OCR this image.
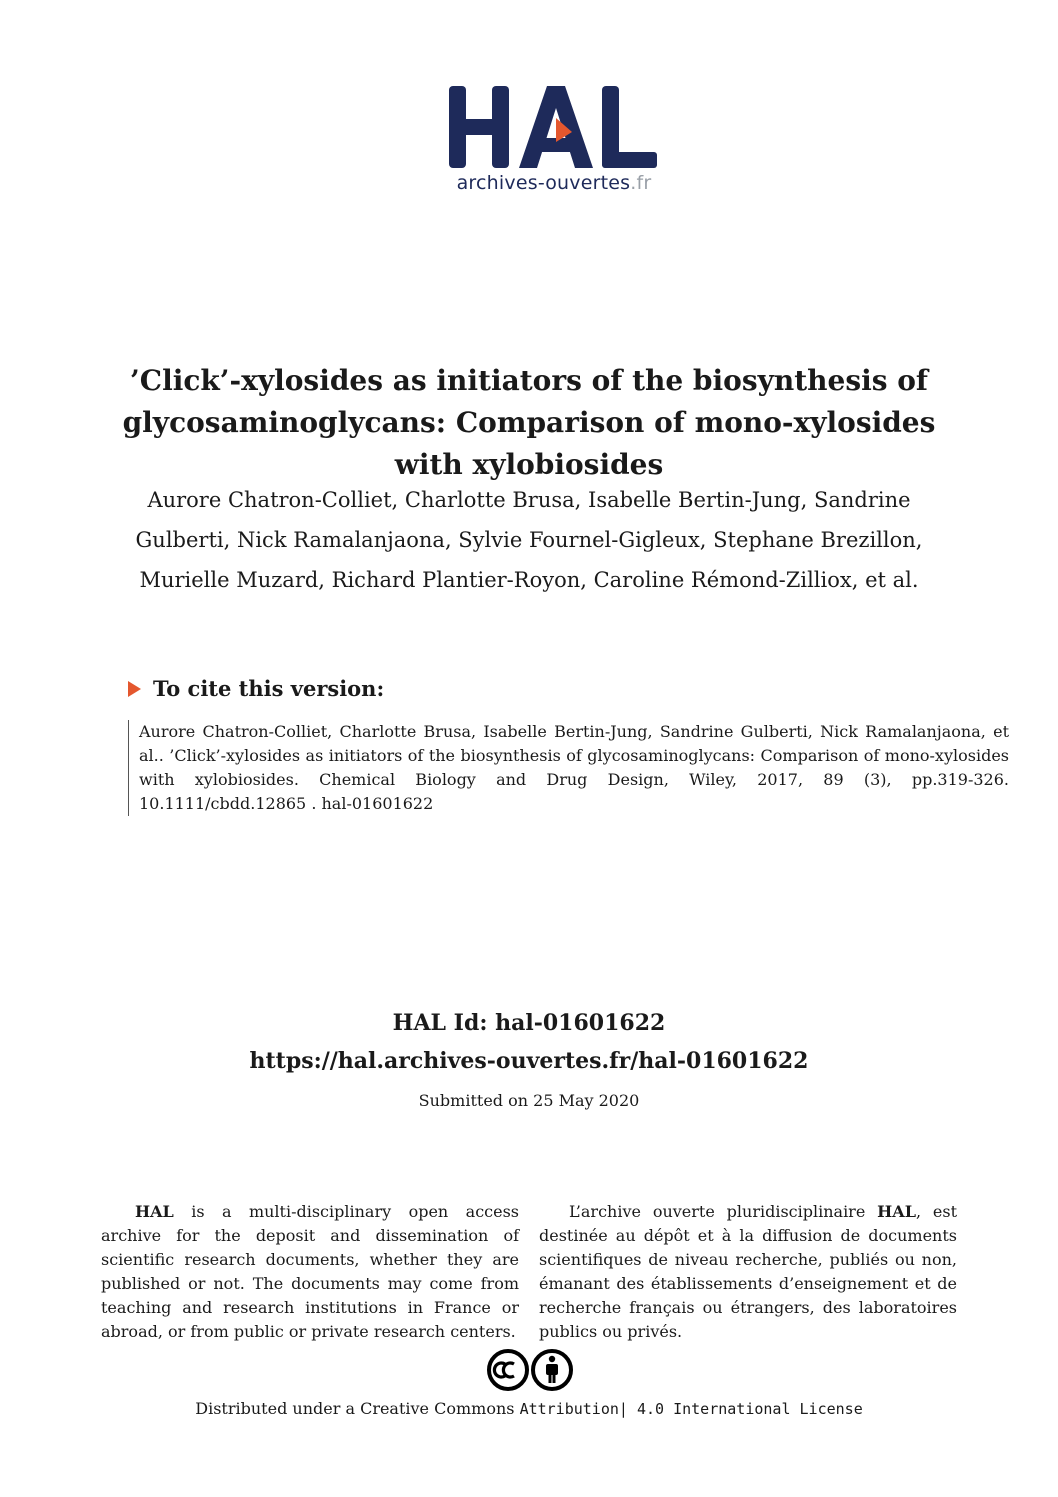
archives-ouvertes.fr
’Click’-xylosides as initiators of the biosynthesis of glycosaminoglycans: Comparison of mono-xylosides with xylobiosides
Aurore Chatron-Colliet, Charlotte Brusa, Isabelle Bertin-Jung, Sandrine Gulberti, Nick Ramalanjaona, Sylvie Fournel-Gigleux, Stephane Brezillon, Murielle Muzard, Richard Plantier-Royon, Caroline Rémond-Zilliox, et al.
To cite this version:
Aurore Chatron-Colliet, Charlotte Brusa, Isabelle Bertin-Jung, Sandrine Gulberti, Nick Ramalanjaona, et al.. ’Click’-xylosides as initiators of the biosynthesis of glycosaminoglycans: Comparison of mono-xylosides with xylobiosides. Chemical Biology and Drug Design, Wiley, 2017, 89 (3), pp.319-326. 10.1111/cbdd.12865 . hal-01601622
HAL Id: hal-01601622
https://hal.archives-ouvertes.fr/hal-01601622
Submitted on 25 May 2020
HAL is a multi-disciplinary open access archive for the deposit and dissemination of scientific research documents, whether they are published or not. The documents may come from teaching and research institutions in France or abroad, or from public or private research centers.
L’archive ouverte pluridisciplinaire HAL, est destinée au dépôt et à la diffusion de documents scientifiques de niveau recherche, publiés ou non, émanant des établissements d’enseignement et de recherche français ou étrangers, des laboratoires publics ou privés.
Distributed under a Creative Commons Attribution| 4.0 International License
